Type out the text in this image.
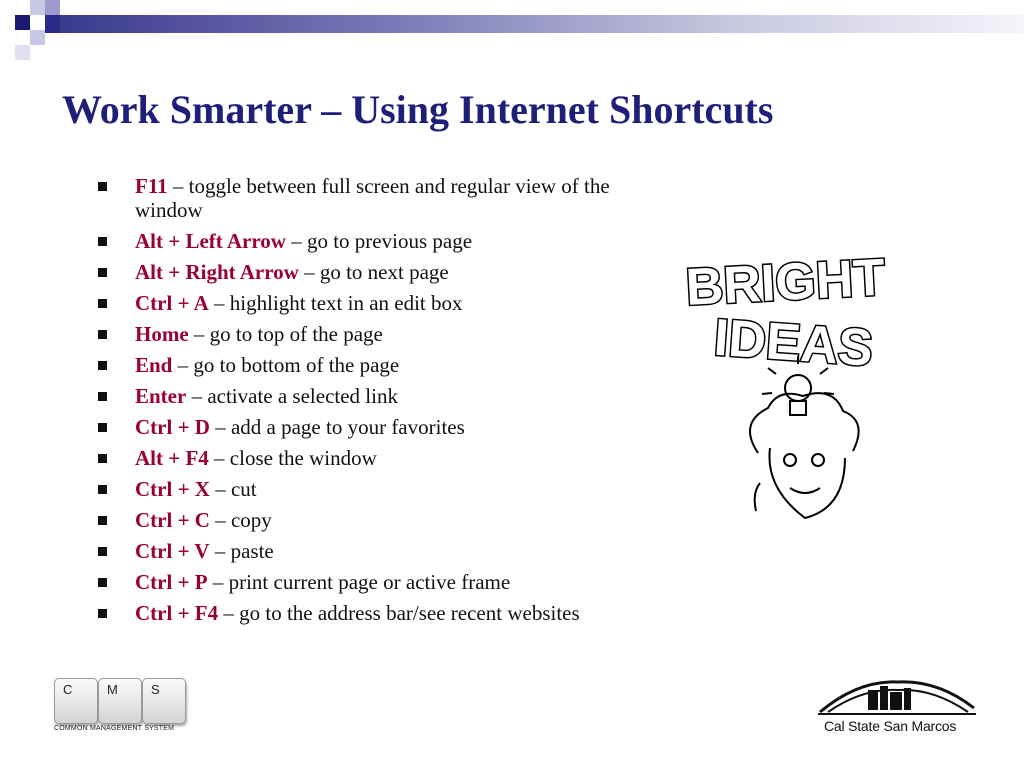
Work Smarter – Using Internet Shortcuts
F11 – toggle between full screen and regular view of the window
Alt + Left Arrow – go to previous page
Alt + Right Arrow – go to next page
Ctrl + A – highlight text in an edit box
Home – go to top of the page
End – go to bottom of the page
Enter – activate a selected link
Ctrl + D – add a page to your favorites
Alt + F4 – close the window
Ctrl + X – cut
Ctrl + C – copy
Ctrl + V – paste
Ctrl + P – print current page or active frame
Ctrl + F4 – go to the address bar/see recent websites
BRIGHT
IDEAS
C	M	S
COMMON MANAGEMENT SYSTEM	Cal State San Marcos
